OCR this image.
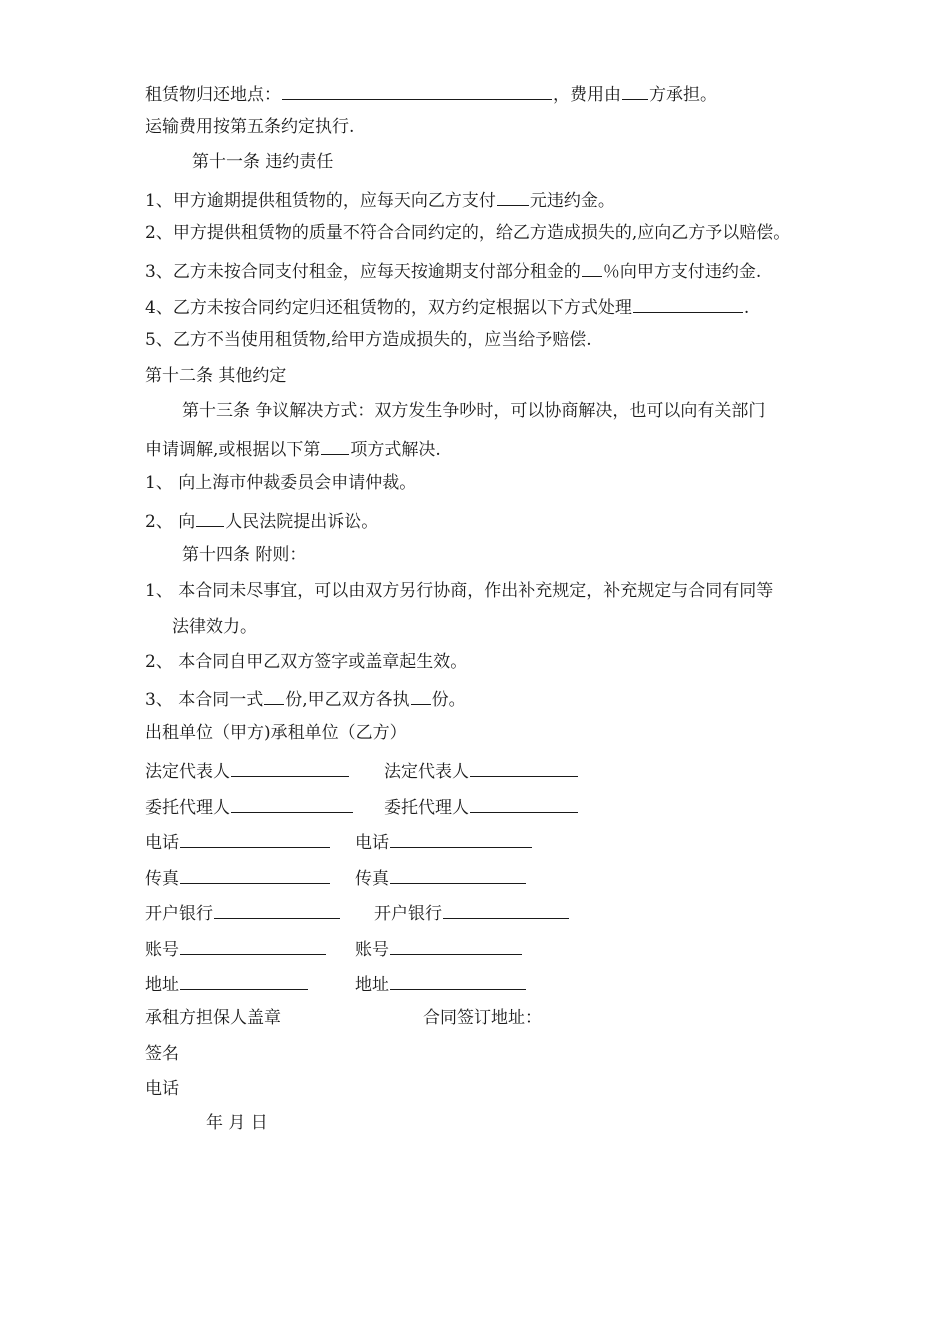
租赁物归还地点：	，费用由 方承担。
运输费用按第五条约定执行.
第十一条 违约责任
1、甲方逾期提供租赁物的，应每天向乙方支付 元违约金。
2、甲方提供租赁物的质量不符合合同约定的，给乙方造成损失的,应向乙方予以赔偿。
3、乙方未按合同支付租金，应每天按逾期支付部分租金的 ％向甲方支付违约金.
4、乙方未按合同约定归还租赁物的，双方约定根据以下方式处理	.
5、乙方不当使用租赁物,给甲方造成损失的，应当给予赔偿.
第十二条 其他约定
第十三条 争议解决方式：双方发生争吵时，可以协商解决，也可以向有关部门
申请调解,或根据以下第 项方式解决.
1、 向上海市仲裁委员会申请仲裁。
2、 向 人民法院提出诉讼。
第十四条 附则：
1、 本合同未尽事宜，可以由双方另行协商，作出补充规定，补充规定与合同有同等
法律效力。
2、 本合同自甲乙双方签字或盖章起生效。
3、 本合同一式 份,甲乙双方各执 份。
出租单位（甲方)承租单位（乙方）
法定代表人	法定代表人
委托代理人	委托代理人
电话	电话
传真	传真
开户银行	开户银行
账号	账号
地址	地址
承租方担保人盖章	合同签订地址：
签名
电话
年 月 日
